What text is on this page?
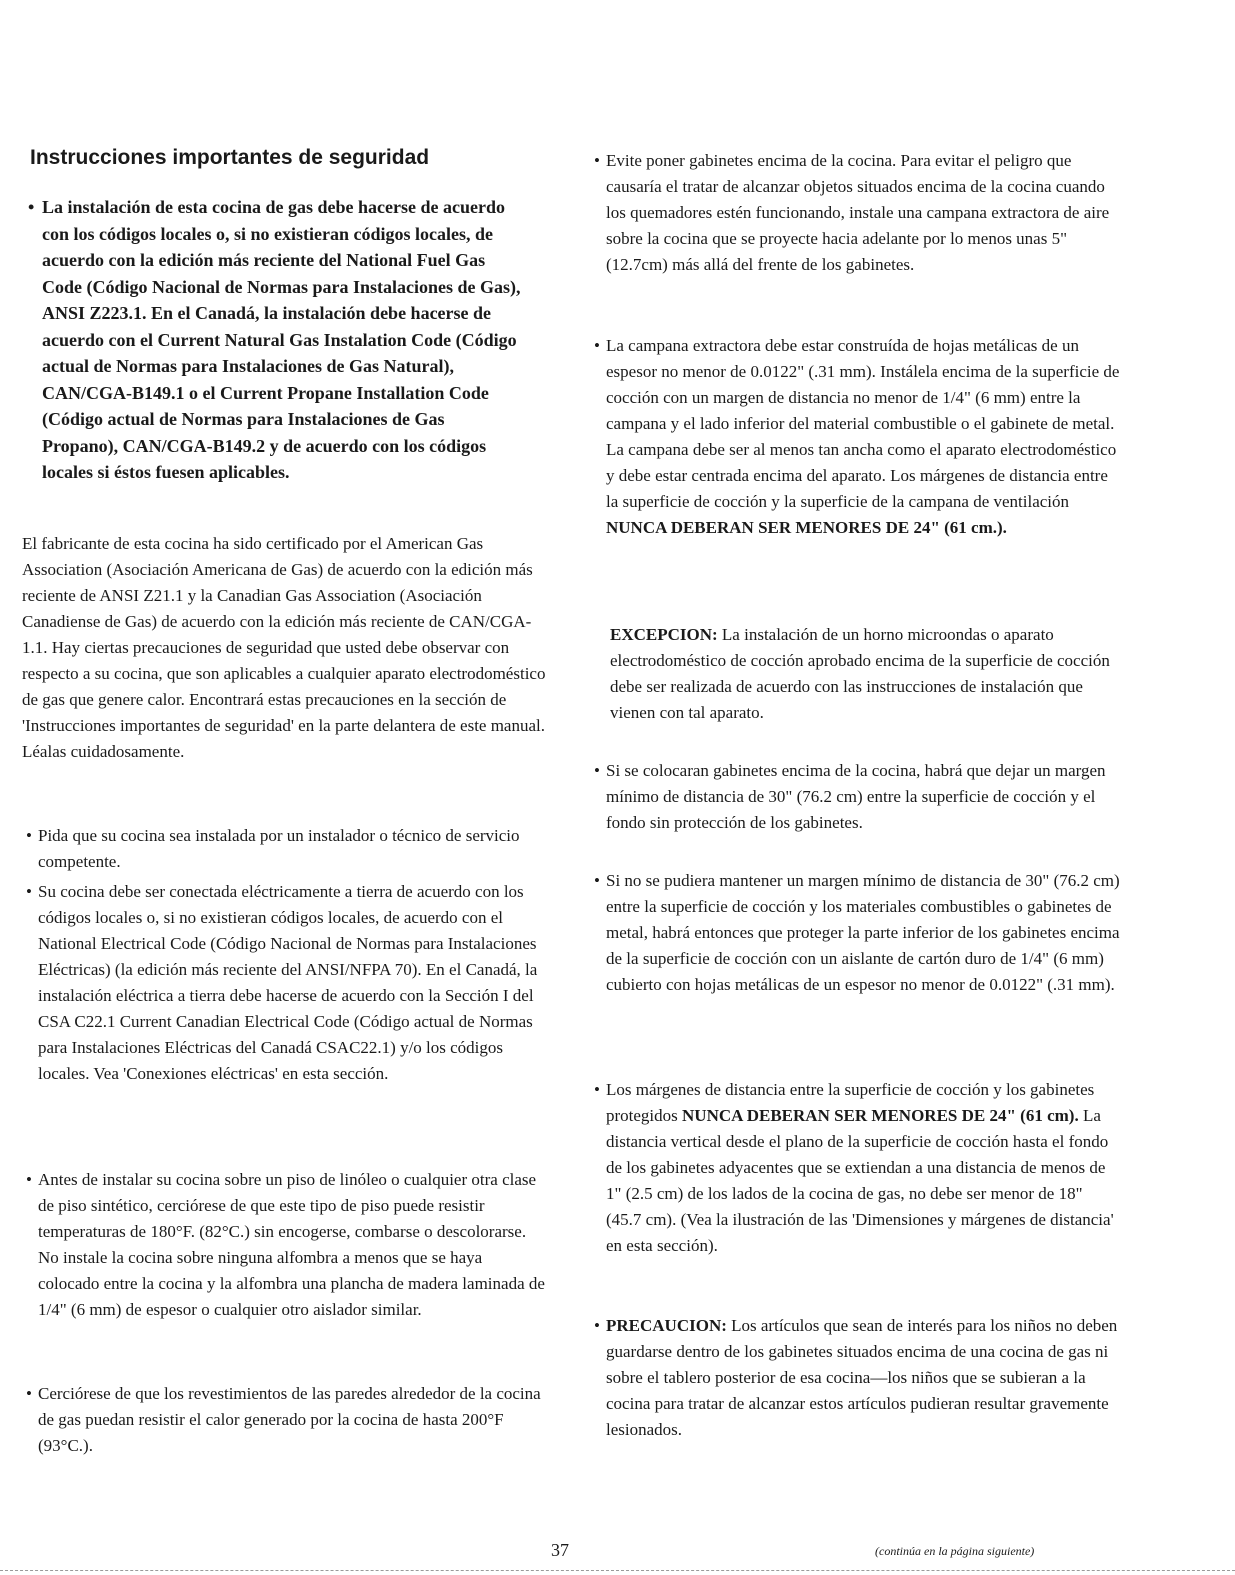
Instrucciones importantes de seguridad
• La instalación de esta cocina de gas debe hacerse de acuerdo con los códigos locales o, si no existieran códigos locales, de acuerdo con la edición más reciente del National Fuel Gas Code (Código Nacional de Normas para Instalaciones de Gas), ANSI Z223.1. En el Canadá, la instalación debe hacerse de acuerdo con el Current Natural Gas Instalation Code (Código actual de Normas para Instalaciones de Gas Natural), CAN/CGA-B149.1 o el Current Propane Installation Code (Código actual de Normas para Instalaciones de Gas Propano), CAN/CGA-B149.2 y de acuerdo con los códigos locales si éstos fuesen aplicables.

El fabricante de esta cocina ha sido certificado por el American Gas Association (Asociación Americana de Gas) de acuerdo con la edición más reciente de ANSI Z21.1 y la Canadian Gas Association (Asociación Canadiense de Gas) de acuerdo con la edición más reciente de CAN/CGA-1.1. Hay ciertas precauciones de seguridad que usted debe observar con respecto a su cocina, que son aplicables a cualquier aparato electrodoméstico de gas que genere calor. Encontrará estas precauciones en la sección de 'Instrucciones importantes de seguridad' en la parte delantera de este manual. Léalas cuidadosamente.

• Pida que su cocina sea instalada por un instalador o técnico de servicio competente.
• Su cocina debe ser conectada eléctricamente a tierra de acuerdo con los códigos locales o, si no existieran códigos locales, de acuerdo con el National Electrical Code (Código Nacional de Normas para Instalaciones Eléctricas) (la edición más reciente del ANSI/NFPA 70). En el Canadá, la instalación eléctrica a tierra debe hacerse de acuerdo con la Sección I del CSA C22.1 Current Canadian Electrical Code (Código actual de Normas para Instalaciones Eléctricas del Canadá CSAC22.1) y/o los códigos locales. Vea 'Conexiones eléctricas' en esta sección.
• Antes de instalar su cocina sobre un piso de linóleo o cualquier otra clase de piso sintético, cerciórese de que este tipo de piso puede resistir temperaturas de 180°F. (82°C.) sin encogerse, combarse o descolorarse. No instale la cocina sobre ninguna alfombra a menos que se haya colocado entre la cocina y la alfombra una plancha de madera laminada de 1/4" (6 mm) de espesor o cualquier otro aislador similar.
• Cerciórese de que los revestimientos de las paredes alrededor de la cocina de gas puedan resistir el calor generado por la cocina de hasta 200°F (93°C.).
• Evite poner gabinetes encima de la cocina. Para evitar el peligro que causaría el tratar de alcanzar objetos situados encima de la cocina cuando los quemadores estén funcionando, instale una campana extractora de aire sobre la cocina que se proyecte hacia adelante por lo menos unas 5" (12.7cm) más allá del frente de los gabinetes.
• La campana extractora debe estar construída de hojas metálicas de un espesor no menor de 0.0122" (.31 mm). Instálela encima de la superficie de cocción con un margen de distancia no menor de 1/4" (6 mm) entre la campana y el lado inferior del material combustible o el gabinete de metal. La campana debe ser al menos tan ancha como el aparato electrodoméstico y debe estar centrada encima del aparato. Los márgenes de distancia entre la superficie de cocción y la superficie de la campana de ventilación NUNCA DEBERAN SER MENORES DE 24" (61 cm.).
EXCEPCION: La instalación de un horno microondas o aparato electrodoméstico de cocción aprobado encima de la superficie de cocción debe ser realizada de acuerdo con las instrucciones de instalación que vienen con tal aparato.
• Si se colocaran gabinetes encima de la cocina, habrá que dejar un margen mínimo de distancia de 30" (76.2 cm) entre la superficie de cocción y el fondo sin protección de los gabinetes.
• Si no se pudiera mantener un margen mínimo de distancia de 30" (76.2 cm) entre la superficie de cocción y los materiales combustibles o gabinetes de metal, habrá entonces que proteger la parte inferior de los gabinetes encima de la superficie de cocción con un aislante de cartón duro de 1/4" (6 mm) cubierto con hojas metálicas de un espesor no menor de 0.0122" (.31 mm).
• Los márgenes de distancia entre la superficie de cocción y los gabinetes protegidos NUNCA DEBERAN SER MENORES DE 24" (61 cm). La distancia vertical desde el plano de la superficie de cocción hasta el fondo de los gabinetes adyacentes que se extiendan a una distancia de menos de 1" (2.5 cm) de los lados de la cocina de gas, no debe ser menor de 18" (45.7 cm). (Vea la ilustración de las 'Dimensiones y márgenes de distancia' en esta sección).
• PRECAUCION: Los artículos que sean de interés para los niños no deben guardarse dentro de los gabinetes situados encima de una cocina de gas ni sobre el tablero posterior de esa cocina—los niños que se subieran a la cocina para tratar de alcanzar estos artículos pudieran resultar gravemente lesionados.
37	(continúa en la página siguiente)
